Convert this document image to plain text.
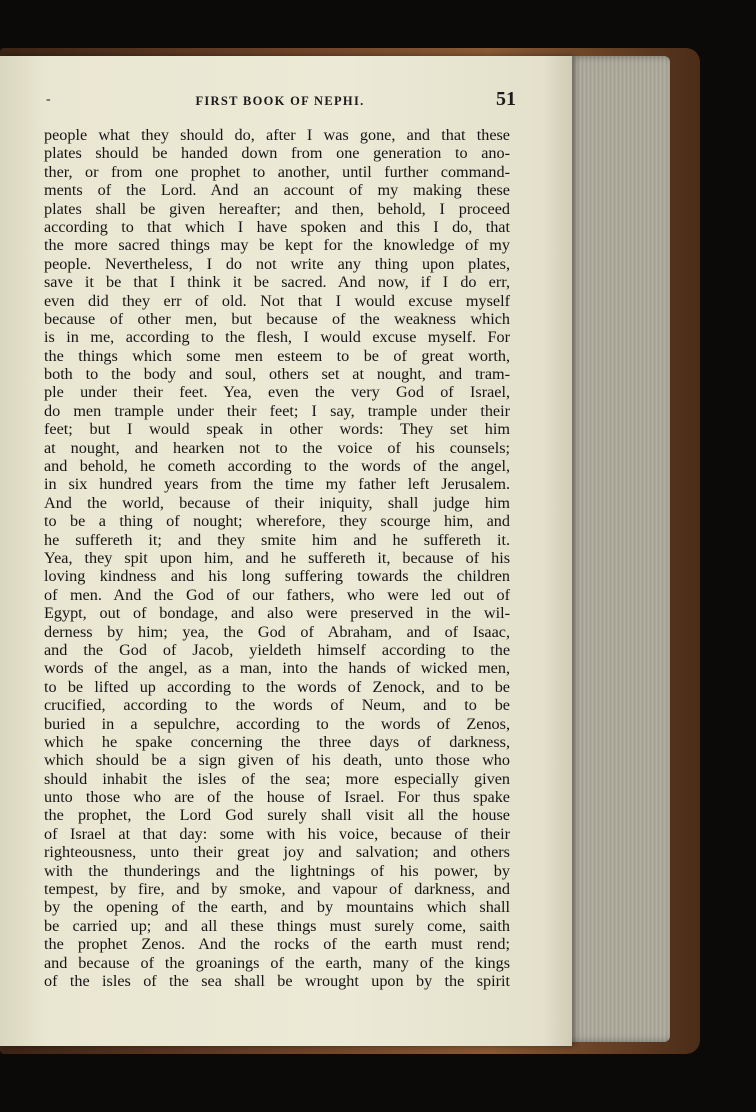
-	FIRST BOOK OF NEPHI.	51
people what they should do, after I was gone, and that these
plates should be handed down from one generation to ano-
ther, or from one prophet to another, until further command-
ments of the Lord. And an account of my making these
plates shall be given hereafter; and then, behold, I proceed
according to that which I have spoken and this I do, that
the more sacred things may be kept for the knowledge of my
people. Nevertheless, I do not write any thing upon plates,
save it be that I think it be sacred. And now, if I do err,
even did they err of old. Not that I would excuse myself
because of other men, but because of the weakness which
is in me, according to the flesh, I would excuse myself. For
the things which some men esteem to be of great worth,
both to the body and soul, others set at nought, and tram-
ple under their feet. Yea, even the very God of Israel,
do men trample under their feet; I say, trample under their
feet; but I would speak in other words: They set him
at nought, and hearken not to the voice of his counsels;
and behold, he cometh according to the words of the angel,
in six hundred years from the time my father left Jerusalem.
And the world, because of their iniquity, shall judge him
to be a thing of nought; wherefore, they scourge him, and
he suffereth it; and they smite him and he suffereth it.
Yea, they spit upon him, and he suffereth it, because of his
loving kindness and his long suffering towards the children
of men. And the God of our fathers, who were led out of
Egypt, out of bondage, and also were preserved in the wil-
derness by him; yea, the God of Abraham, and of Isaac,
and the God of Jacob, yieldeth himself according to the
words of the angel, as a man, into the hands of wicked men,
to be lifted up according to the words of Zenock, and to be
crucified, according to the words of Neum, and to be
buried in a sepulchre, according to the words of Zenos,
which he spake concerning the three days of darkness,
which should be a sign given of his death, unto those who
should inhabit the isles of the sea; more especially given
unto those who are of the house of Israel. For thus spake
the prophet, the Lord God surely shall visit all the house
of Israel at that day: some with his voice, because of their
righteousness, unto their great joy and salvation; and others
with the thunderings and the lightnings of his power, by
tempest, by fire, and by smoke, and vapour of darkness, and
by the opening of the earth, and by mountains which shall
be carried up; and all these things must surely come, saith
the prophet Zenos. And the rocks of the earth must rend;
and because of the groanings of the earth, many of the kings
of the isles of the sea shall be wrought upon by the spirit
